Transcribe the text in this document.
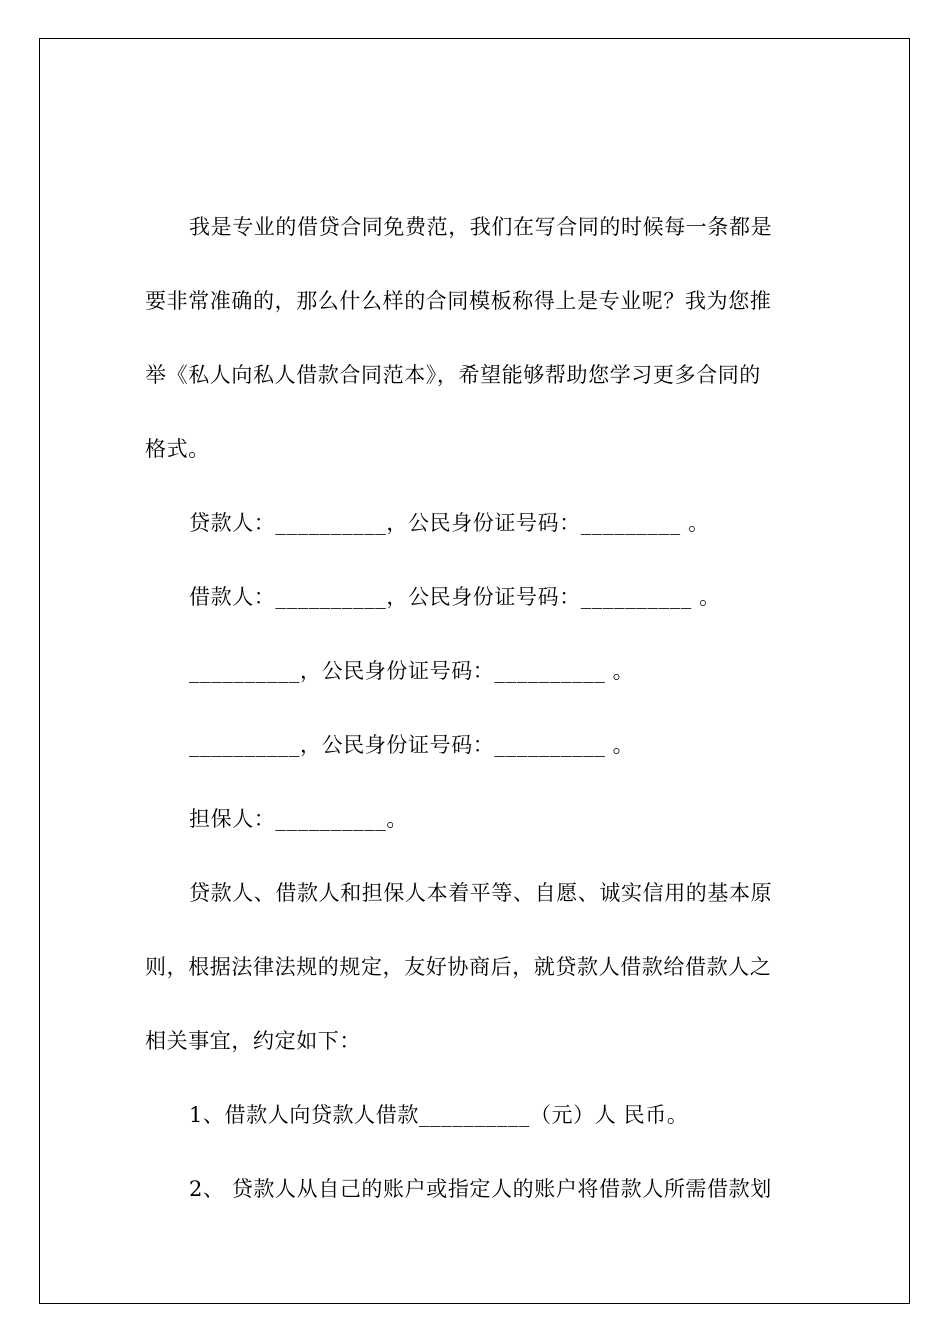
我是专业的借贷合同免费范，我们在写合同的时候每一条都是
要非常准确的，那么什么样的合同模板称得上是专业呢？我为您推
举《私人向私人借款合同范本》，希望能够帮助您学习更多合同的
格式。
贷款人：__________，公民身份证号码：_________ 。
借款人：__________，公民身份证号码：__________ 。
__________，公民身份证号码：__________ 。
__________，公民身份证号码：__________ 。
担保人：__________。
贷款人、借款人和担保人本着平等、自愿、诚实信用的基本原
则，根据法律法规的规定，友好协商后，就贷款人借款给借款人之
相关事宜，约定如下：
1、借款人向贷款人借款__________（元）人 民币。
2、 贷款人从自己的账户或指定人的账户将借款人所需借款划
